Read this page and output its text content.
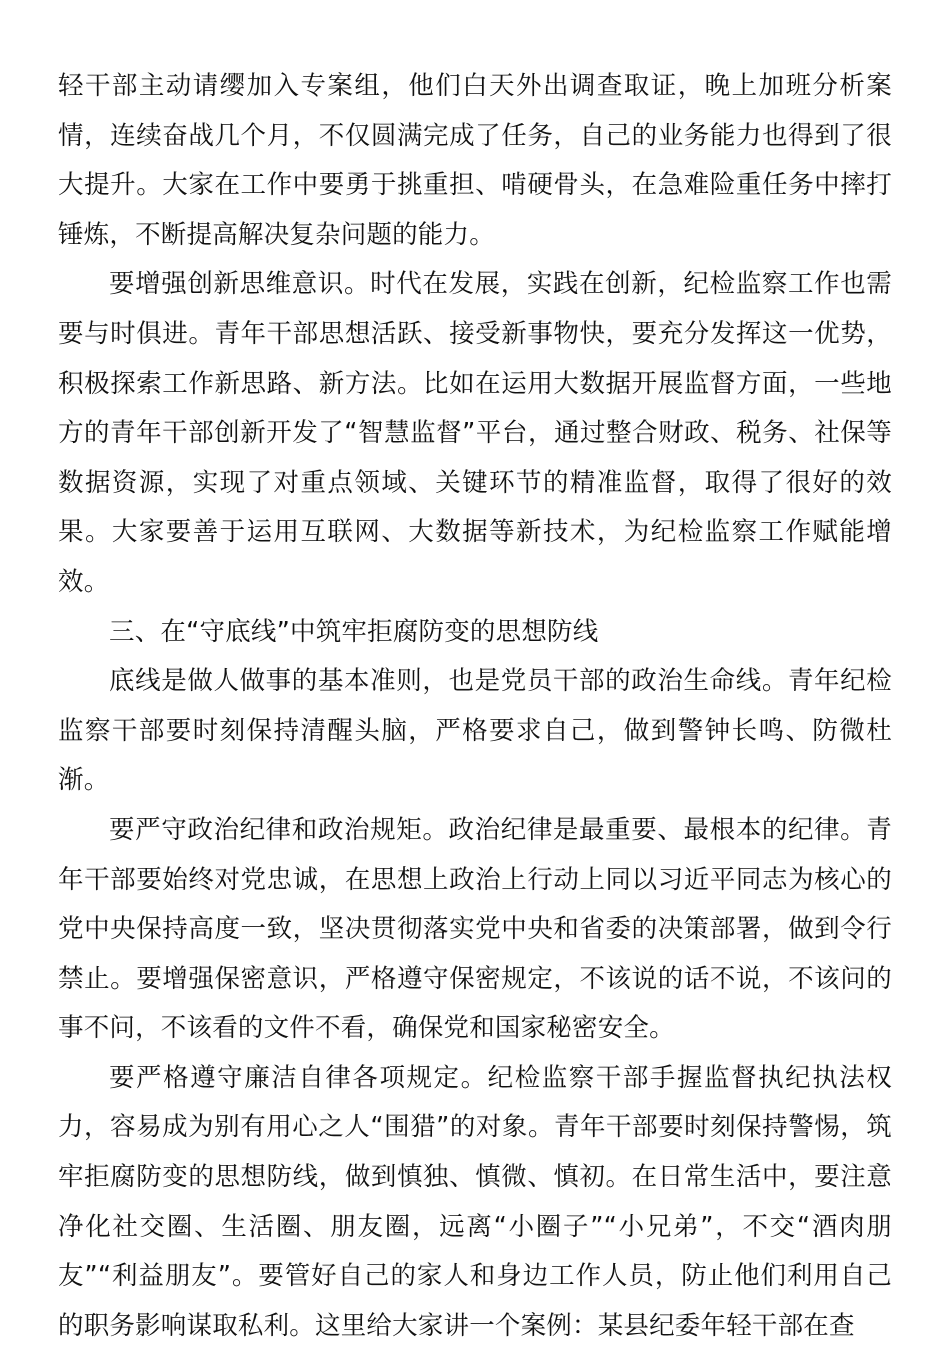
轻干部主动请缨加入专案组，他们白天外出调查取证，晚上加班分析案情，连续奋战几个月，不仅圆满完成了任务，自己的业务能力也得到了很大提升。大家在工作中要勇于挑重担、啃硬骨头，在急难险重任务中摔打锤炼，不断提高解决复杂问题的能力。

要增强创新思维意识。时代在发展，实践在创新，纪检监察工作也需要与时俱进。青年干部思想活跃、接受新事物快，要充分发挥这一优势，积极探索工作新思路、新方法。比如在运用大数据开展监督方面，一些地方的青年干部创新开发了“智慧监督”平台，通过整合财政、税务、社保等数据资源，实现了对重点领域、关键环节的精准监督，取得了很好的效果。大家要善于运用互联网、大数据等新技术，为纪检监察工作赋能增效。

三、在“守底线”中筑牢拒腐防变的思想防线

底线是做人做事的基本准则，也是党员干部的政治生命线。青年纪检监察干部要时刻保持清醒头脑，严格要求自己，做到警钟长鸣、防微杜渐。

要严守政治纪律和政治规矩。政治纪律是最重要、最根本的纪律。青年干部要始终对党忠诚，在思想上政治上行动上同以习近平同志为核心的党中央保持高度一致，坚决贯彻落实党中央和省委的决策部署，做到令行禁止。要增强保密意识，严格遵守保密规定，不该说的话不说，不该问的事不问，不该看的文件不看，确保党和国家秘密安全。

要严格遵守廉洁自律各项规定。纪检监察干部手握监督执纪执法权力，容易成为别有用心之人“围猎”的对象。青年干部要时刻保持警惕，筑牢拒腐防变的思想防线，做到慎独、慎微、慎初。在日常生活中，要注意净化社交圈、生活圈、朋友圈，远离“小圈子”“小兄弟”，不交“酒肉朋友”“利益朋友”。要管好自己的家人和身边工作人员，防止他们利用自己的职务影响谋取私利。这里给大家讲一个案例：某县纪委年轻干部在查
